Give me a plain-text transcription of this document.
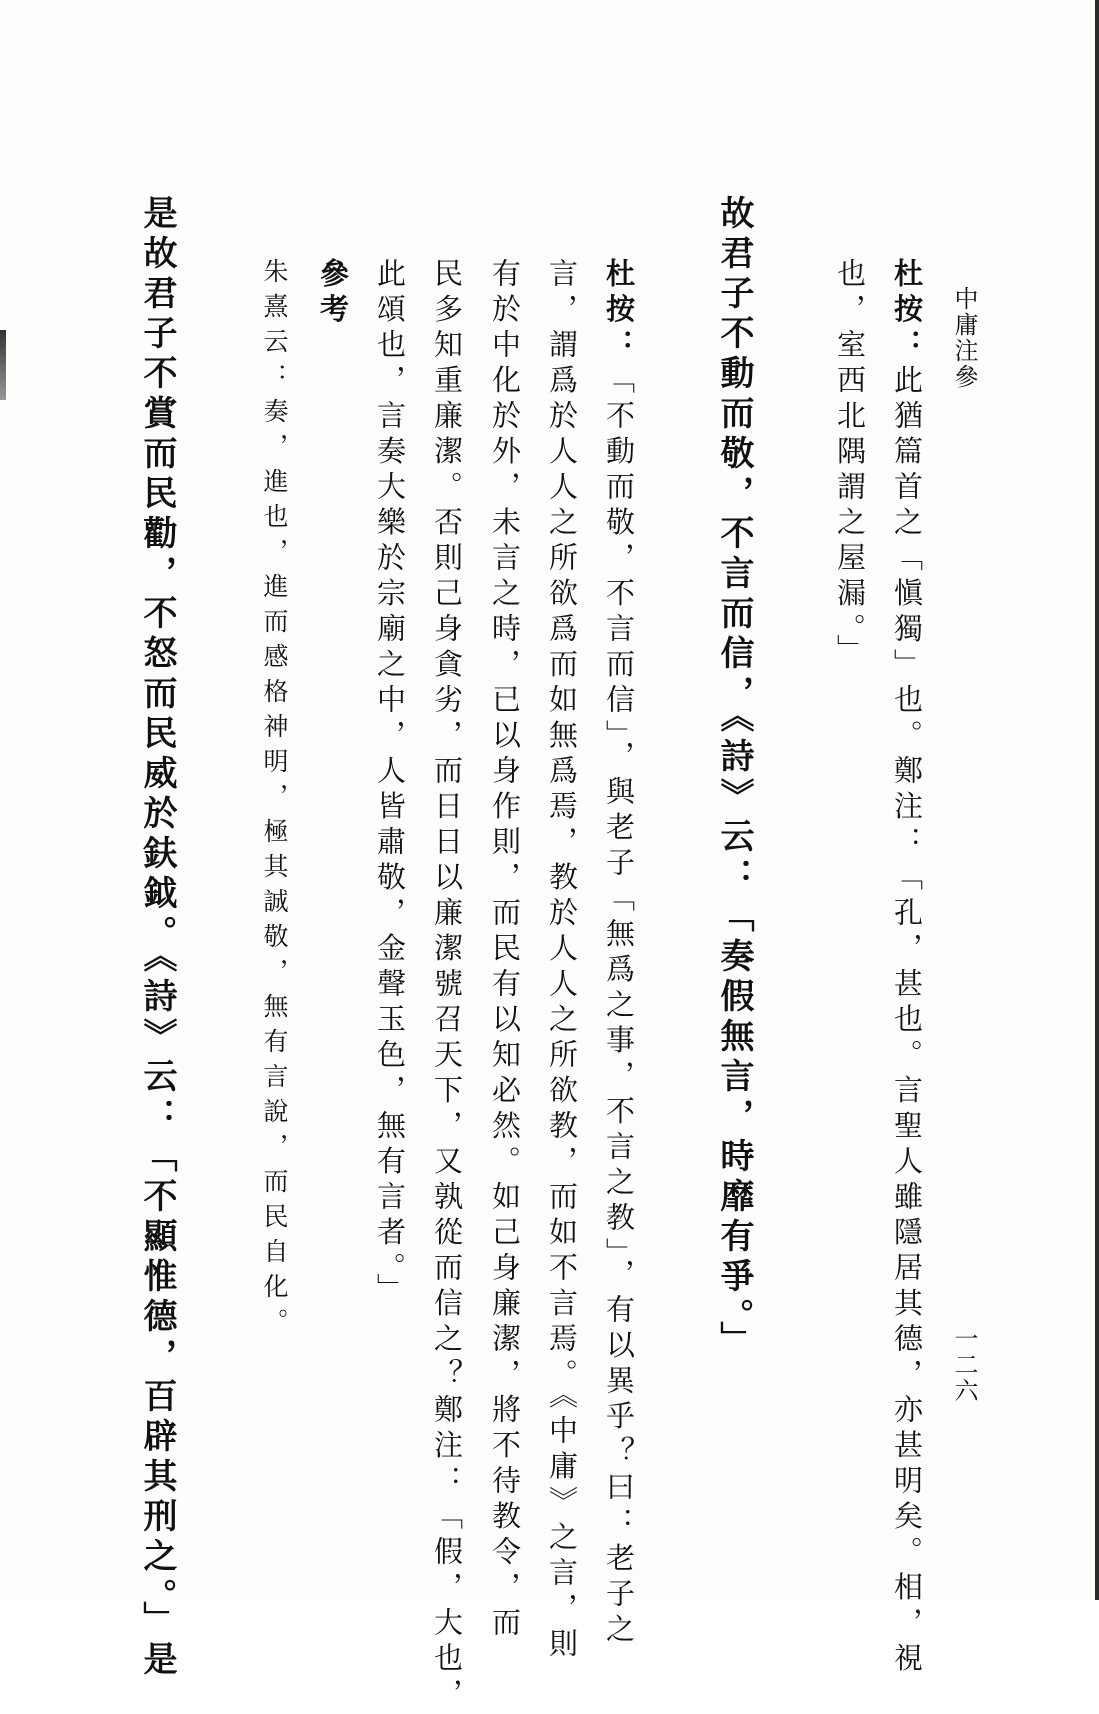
中庸注參
一二六
杜按：此猶篇首之「愼獨」也。鄭注：「孔，甚也。言聖人雖隱居其德，亦甚明矣。相，視
也，室西北隅謂之屋漏。」
故君子不動而敬，不言而信，《詩》云：「奏假無言，時靡有爭。」
杜按：「不動而敬，不言而信」，與老子「無爲之事，不言之教」，有以異乎？曰：老子之
言，謂爲於人人之所欲爲而如無爲焉，教於人人之所欲教，而如不言焉。《中庸》之言，則
有於中化於外，未言之時，已以身作則，而民有以知必然。如己身廉潔，將不待教令，而
民多知重廉潔。否則己身貪劣，而日日以廉潔號召天下，又孰從而信之？鄭注：「假，大也，
此頌也，言奏大樂於宗廟之中，人皆肅敬，金聲玉色，無有言者。」
參考
朱熹云：奏，進也，進而感格神明，極其誠敬，無有言說，而民自化。
是故君子不賞而民勸，不怒而民威於鈇鉞。《詩》云：「不顯惟德，百辟其刑之。」是
